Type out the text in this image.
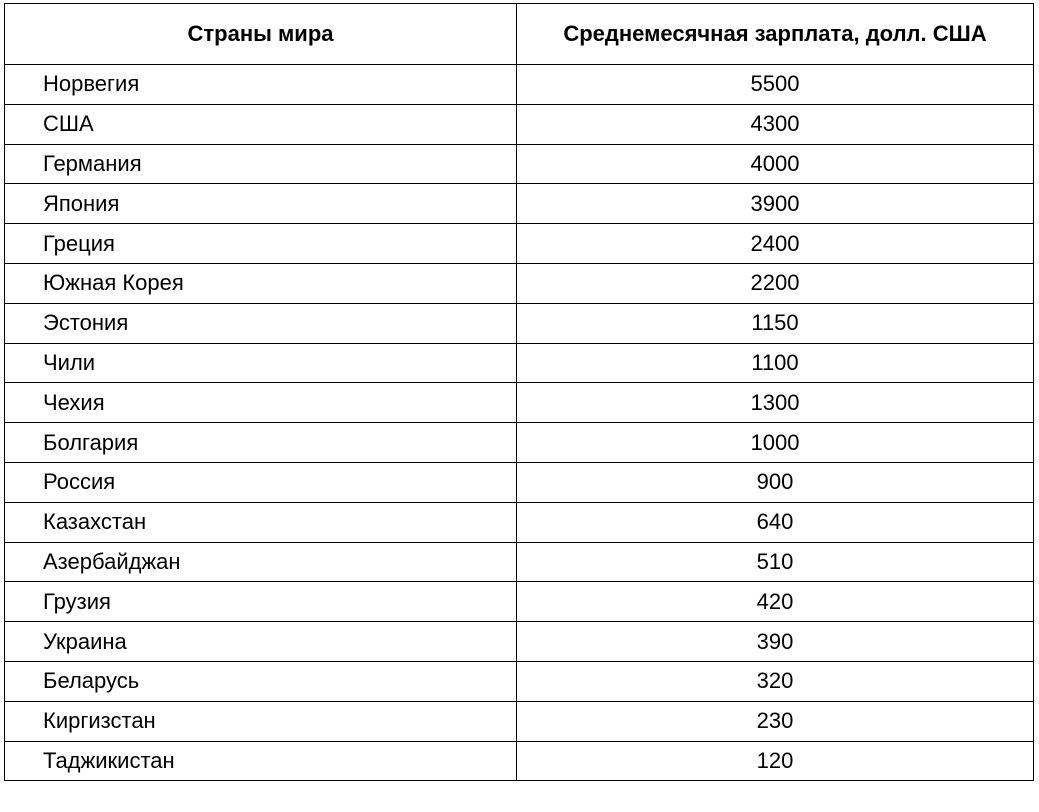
Страны мира	Среднемесячная зарплата, долл. США
Норвегия	5500
США	4300
Германия	4000
Япония	3900
Греция	2400
Южная Корея	2200
Эстония	1150
Чили	1100
Чехия	1300
Болгария	1000
Россия	900
Казахстан	640
Азербайджан	510
Грузия	420
Украина	390
Беларусь	320
Киргизстан	230
Таджикистан	120
